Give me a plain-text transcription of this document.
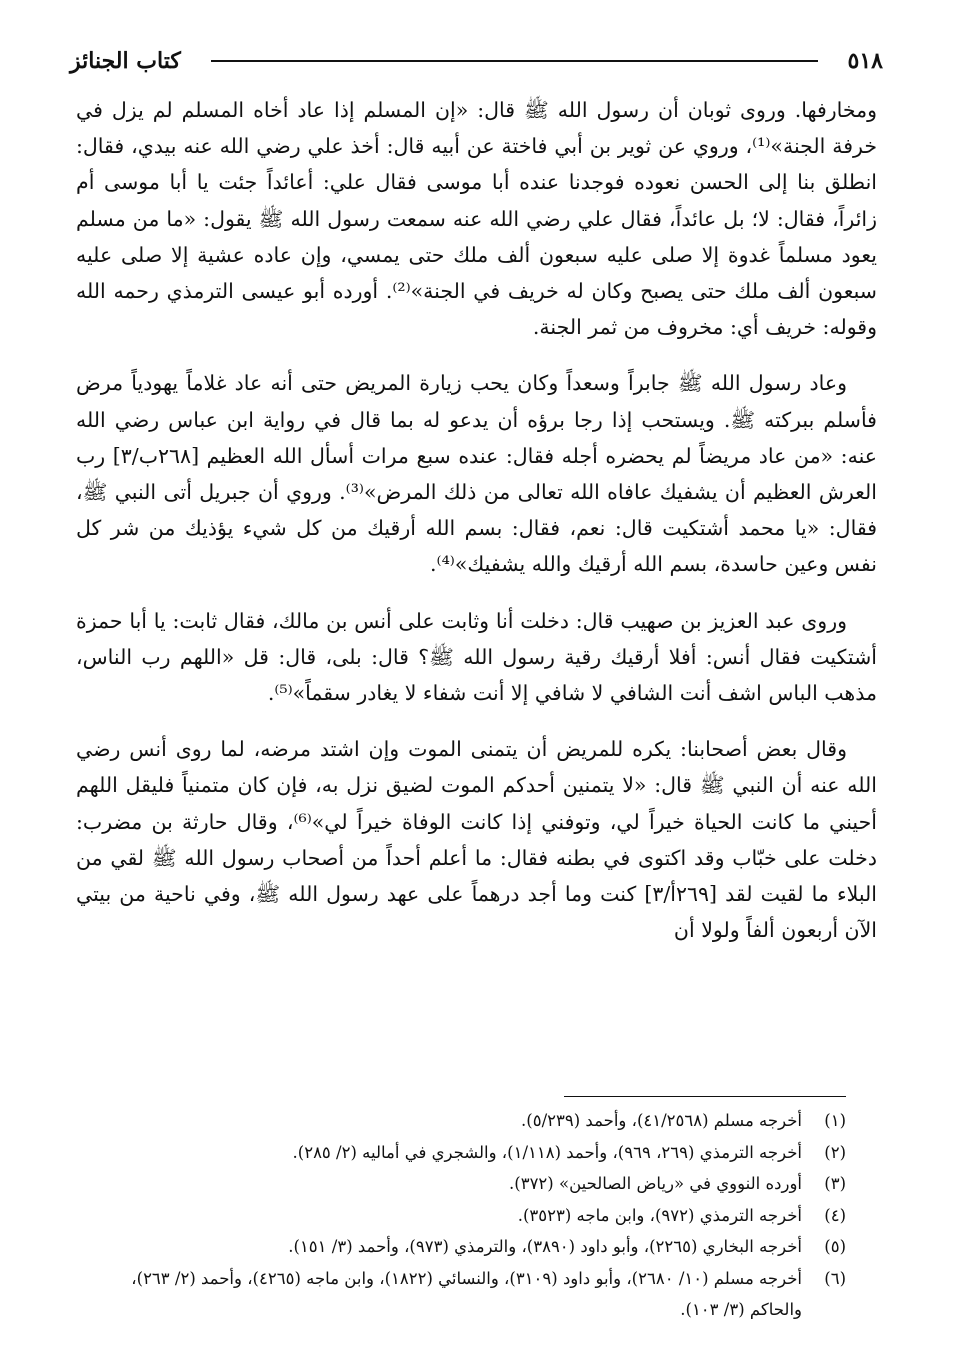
٥١٨
كتاب الجنائز

ومخارفها. وروى ثوبان أن رسول الله ﷺ قال: «إن المسلم إذا عاد أخاه المسلم لم يزل في خرفة الجنة»⁽¹⁾، وروي عن ثوير بن أبي فاختة عن أبيه قال: أخذ علي رضي الله عنه بيدي، فقال: انطلق بنا إلى الحسن نعوده فوجدنا عنده أبا موسى فقال علي: أعائداً جئت يا أبا موسى أم زائراً، فقال: لا؛ بل عائداً، فقال علي رضي الله عنه سمعت رسول الله ﷺ يقول: «ما من مسلم يعود مسلماً غدوة إلا صلى عليه سبعون ألف ملك حتى يمسي، وإن عاده عشية إلا صلى عليه سبعون ألف ملك حتى يصبح وكان له خريف في الجنة»⁽²⁾. أورده أبو عيسى الترمذي رحمه الله وقوله: خريف أي: مخروف من ثمر الجنة.

وعاد رسول الله ﷺ جابراً وسعداً وكان يحب زيارة المريض حتى أنه عاد غلاماً يهودياً مرض فأسلم ببركته ﷺ. ويستحب إذا رجا برؤه أن يدعو له بما قال في رواية ابن عباس رضي الله عنه: «من عاد مريضاً لم يحضره أجله فقال: عنده سبع مرات أسأل الله العظيم [٢٦٨ب/٣] رب العرش العظيم أن يشفيك عافاه الله تعالى من ذلك المرض»⁽³⁾. وروي أن جبريل أتى النبي ﷺ، فقال: «يا محمد أشتكيت قال: نعم، فقال: بسم الله أرقيك من كل شيء يؤذيك من شر كل نفس وعين حاسدة، بسم الله أرقيك والله يشفيك»⁽⁴⁾.

وروى عبد العزيز بن صهيب قال: دخلت أنا وثابت على أنس بن مالك، فقال ثابت: يا أبا حمزة أشتكيت فقال أنس: أفلا أرقيك رقية رسول الله ﷺ؟ قال: بلى، قال: قل «اللهم رب الناس، مذهب الباس اشف أنت الشافي لا شافي إلا أنت شفاء لا يغادر سقماً»⁽⁵⁾.

وقال بعض أصحابنا: يكره للمريض أن يتمنى الموت وإن اشتد مرضه، لما روى أنس رضي الله عنه أن النبي ﷺ قال: «لا يتمنين أحدكم الموت لضيق نزل به، فإن كان متمنياً فليقل اللهم أحيني ما كانت الحياة خيراً لي، وتوفني إذا كانت الوفاة خيراً لي»⁽⁶⁾، وقال حارثة بن مضرب: دخلت على خبّاب وقد اكتوى في بطنه فقال: ما أعلم أحداً من أصحاب رسول الله ﷺ لقي من البلاء ما لقيت لقد [٢٦٩أ/٣] كنت وما أجد درهماً على عهد رسول الله ﷺ، وفي ناحية من بيتي الآن أربعون ألفاً ولولا أن

(١)
أخرجه مسلم (٤١/٢٥٦٨)، وأحمد (٥/٢٣٩).
(٢)
أخرجه الترمذي (٢٦٩، ٩٦٩)، وأحمد (١/١١٨)، والشجري في أماليه (٢/ ٢٨٥).
(٣)
أورده النووي في «رياض الصالحين» (٣٧٢).
(٤)
أخرجه الترمذي (٩٧٢)، وابن ماجه (٣٥٢٣).
(٥)
أخرجه البخاري (٢٢٦٥)، وأبو داود (٣٨٩٠)، والترمذي (٩٧٣)، وأحمد (٣/ ١٥١).
(٦)
أخرجه مسلم (١٠/ ٢٦٨٠)، وأبو داود (٣١٠٩)، والنسائي (١٨٢٢)، وابن ماجه (٤٢٦٥)، وأحمد (٢/ ٢٦٣)، والحاكم (٣/ ١٠٣).
